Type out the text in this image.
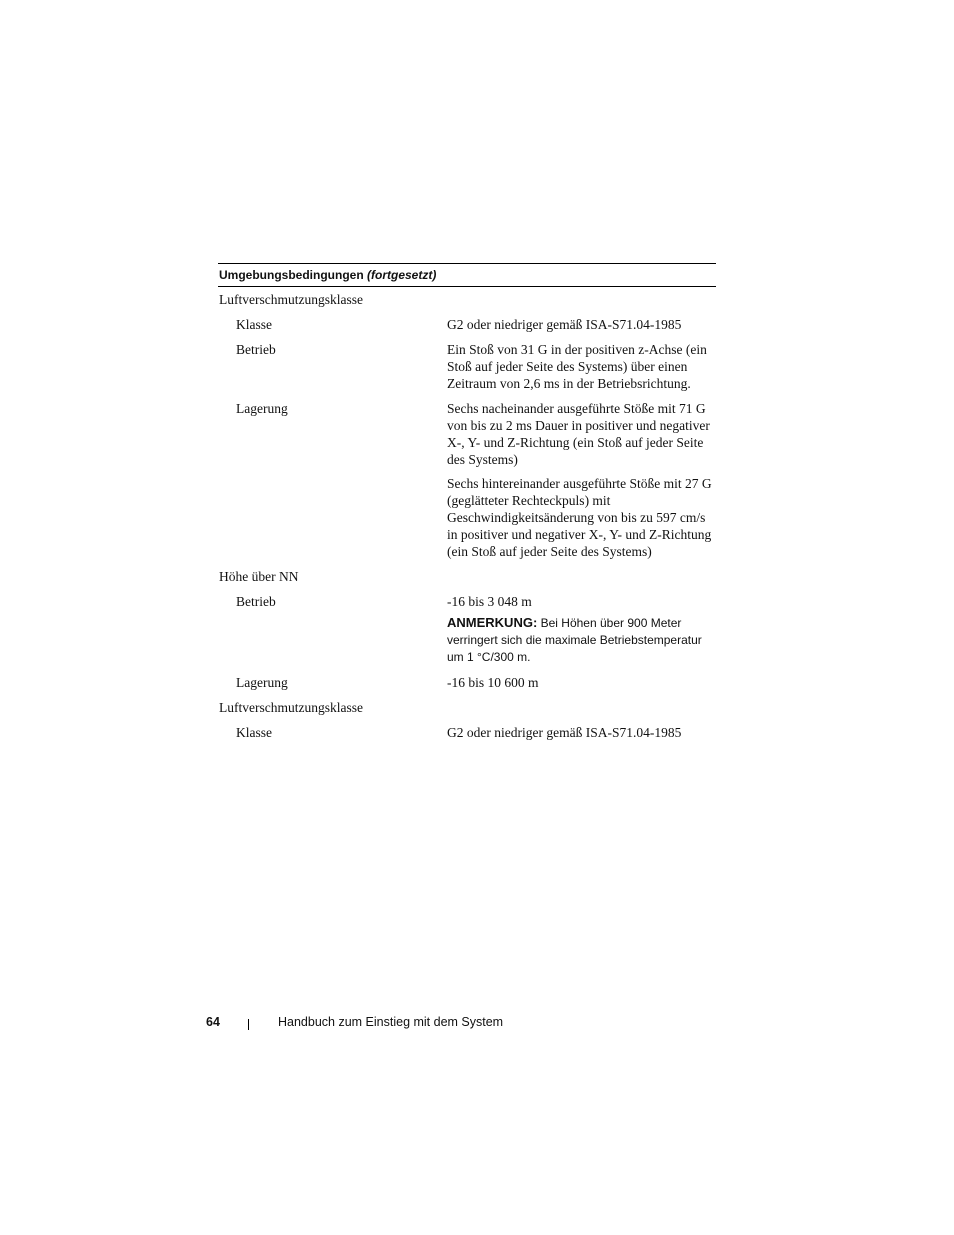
Umgebungsbedingungen (fortgesetzt)
Luftverschmutzungsklasse
Klasse	G2 oder niedriger gemäß ISA-S71.04-1985

Betrieb	Ein Stoß von 31 G in der positiven z-Achse (ein Stoß auf jeder Seite des Systems) über einen Zeitraum von 2,6 ms in der Betriebsrichtung.

Lagerung	Sechs nacheinander ausgeführte Stöße mit 71 G von bis zu 2 ms Dauer in positiver und negativer X-, Y- und Z-Richtung (ein Stoß auf jeder Seite des Systems)

Sechs hintereinander ausgeführte Stöße mit 27 G (geglätteter Rechteckpuls) mit Geschwindigkeitsänderung von bis zu 597 cm/s in positiver und negativer X-, Y- und Z-Richtung (ein Stoß auf jeder Seite des Systems)

Höhe über NN
Betrieb	-16 bis 3 048 m

ANMERKUNG: Bei Höhen über 900 Meter verringert sich die maximale Betriebstemperatur um 1 °C/300 m.

Lagerung	-16 bis 10 600 m

Luftverschmutzungsklasse
Klasse	G2 oder niedriger gemäß ISA-S71.04-1985

64	Handbuch zum Einstieg mit dem System
